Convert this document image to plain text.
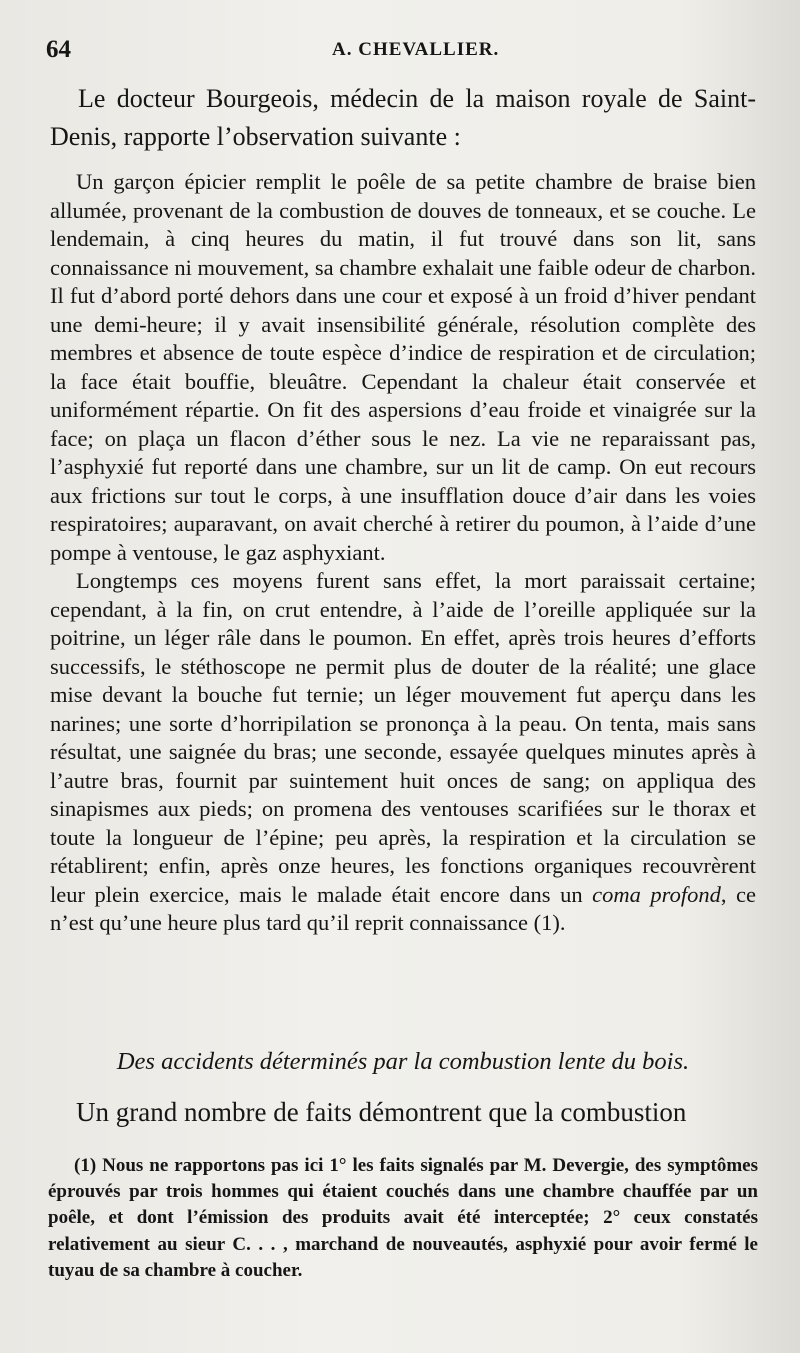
64	A. CHEVALLIER.
Le docteur Bourgeois, médecin de la maison royale de Saint-Denis, rapporte l’observation suivante :

Un garçon épicier remplit le poêle de sa petite chambre de braise bien allumée, provenant de la combustion de douves de tonneaux, et se couche. Le lendemain, à cinq heures du matin, il fut trouvé dans son lit, sans connaissance ni mouvement, sa chambre exhalait une faible odeur de charbon. Il fut d’abord porté dehors dans une cour et exposé à un froid d’hiver pendant une demi-heure; il y avait insensibilité générale, résolution complète des membres et absence de toute espèce d’indice de respiration et de circulation; la face était bouffie, bleuâtre. Cependant la chaleur était conservée et uniformément répartie. On fit des aspersions d’eau froide et vinaigrée sur la face; on plaça un flacon d’éther sous le nez. La vie ne reparaissant pas, l’asphyxié fut reporté dans une chambre, sur un lit de camp. On eut recours aux frictions sur tout le corps, à une insufflation douce d’air dans les voies respiratoires; auparavant, on avait cherché à retirer du poumon, à l’aide d’une pompe à ventouse, le gaz asphyxiant.

Longtemps ces moyens furent sans effet, la mort paraissait certaine; cependant, à la fin, on crut entendre, à l’aide de l’oreille appliquée sur la poitrine, un léger râle dans le poumon. En effet, après trois heures d’efforts successifs, le stéthoscope ne permit plus de douter de la réalité; une glace mise devant la bouche fut ternie; un léger mouvement fut aperçu dans les narines; une sorte d’horripilation se prononça à la peau. On tenta, mais sans résultat, une saignée du bras; une seconde, essayée quelques minutes après à l’autre bras, fournit par suintement huit onces de sang; on appliqua des sinapismes aux pieds; on promena des ventouses scarifiées sur le thorax et toute la longueur de l’épine; peu après, la respiration et la circulation se rétablirent; enfin, après onze heures, les fonctions organiques recouvrèrent leur plein exercice, mais le malade était encore dans un coma profond, ce n’est qu’une heure plus tard qu’il reprit connaissance (1).

Des accidents déterminés par la combustion lente du bois.
Un grand nombre de faits démontrent que la combustion

(1) Nous ne rapportons pas ici 1° les faits signalés par M. Devergie, des symptômes éprouvés par trois hommes qui étaient couchés dans une chambre chauffée par un poêle, et dont l’émission des produits avait été interceptée; 2° ceux constatés relativement au sieur C. . . , marchand de nouveautés, asphyxié pour avoir fermé le tuyau de sa chambre à coucher.
